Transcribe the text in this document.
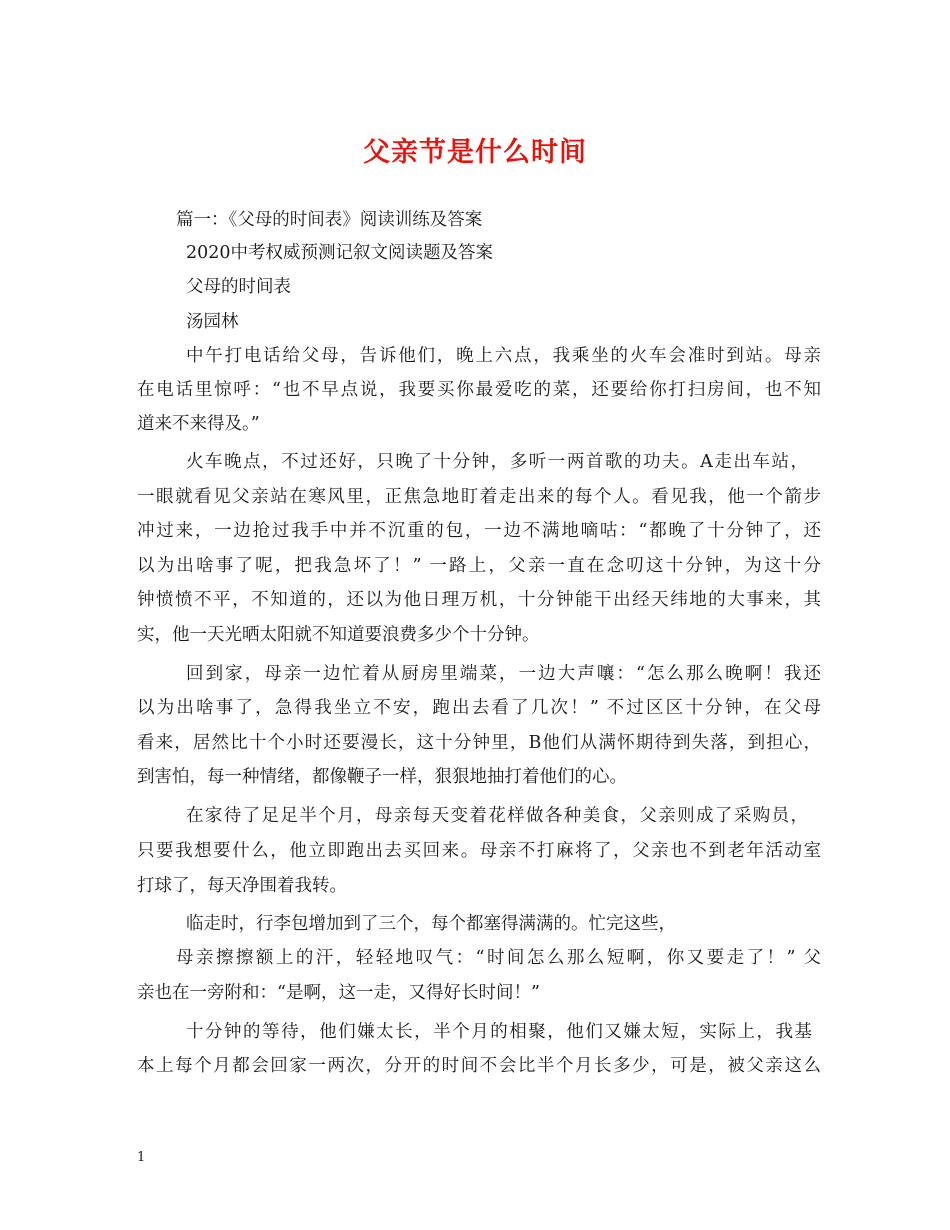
父亲节是什么时间
篇一：《父母的时间表》阅读训练及答案
2020中考权威预测记叙文阅读题及答案
父母的时间表
汤园林
中午打电话给父母，告诉他们，晚上六点，我乘坐的火车会准时到站。母亲
在电话里惊呼：“也不早点说，我要买你最爱吃的菜，还要给你打扫房间，也不知
道来不来得及。”
火车晚点，不过还好，只晚了十分钟，多听一两首歌的功夫。A走出车站，
一眼就看见父亲站在寒风里，正焦急地盯着走出来的每个人。看见我，他一个箭步
冲过来，一边抢过我手中并不沉重的包，一边不满地嘀咕：“都晚了十分钟了，还
以为出啥事了呢，把我急坏了！” 一路上，父亲一直在念叨这十分钟，为这十分
钟愤愤不平，不知道的，还以为他日理万机，十分钟能干出经天纬地的大事来，其
实，他一天光晒太阳就不知道要浪费多少个十分钟。
回到家，母亲一边忙着从厨房里端菜，一边大声嚷：“怎么那么晚啊！我还
以为出啥事了，急得我坐立不安，跑出去看了几次！” 不过区区十分钟，在父母
看来，居然比十个小时还要漫长，这十分钟里，B他们从满怀期待到失落，到担心，
到害怕，每一种情绪，都像鞭子一样，狠狠地抽打着他们的心。
在家待了足足半个月，母亲每天变着花样做各种美食，父亲则成了采购员，
只要我想要什么，他立即跑出去买回来。母亲不打麻将了，父亲也不到老年活动室
打球了，每天净围着我转。
临走时，行李包增加到了三个，每个都塞得满满的。忙完这些，
母亲擦擦额上的汗，轻轻地叹气：“时间怎么那么短啊，你又要走了！” 父
亲也在一旁附和：“是啊，这一走，又得好长时间！”
十分钟的等待，他们嫌太长，半个月的相聚，他们又嫌太短，实际上，我基
本上每个月都会回家一两次，分开的时间不会比半个月长多少，可是，被父亲这么
1
